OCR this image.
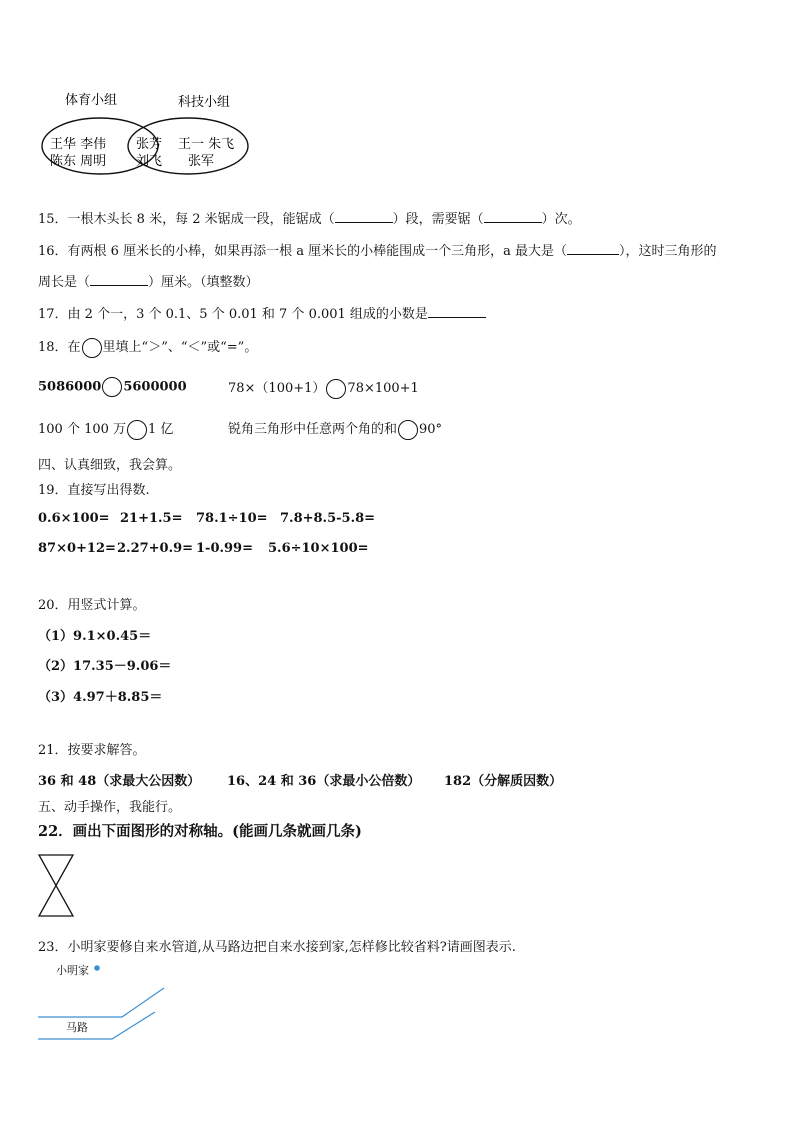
体育小组	科技小组
王华 李伟
陈东 周明
张芳
刘飞
王一 朱飞
张军
15．一根木头长 8 米，每 2 米锯成一段，能锯成（	）段，需要锯（	）次。
16．有两根 6 厘米长的小棒，如果再添一根 a 厘米长的小棒能围成一个三角形，a 最大是（	），这时三角形的
周长是（	）厘米。（填整数）
17．由 2 个一，3 个 0.1、5 个 0.01 和 7 个 0.001 组成的小数是
18．在 里填上“＞”、“＜”或“=”。
5086000 5600000	78×（100+1） 78×100+1
100 个 100 万 1 亿	锐角三角形中任意两个角的和 90°
四、认真细致，我会算。
19．直接写出得数.
0.6×100= 21+1.5= 78.1÷10= 7.8+8.5-5.8=
87×0+12= 2.27+0.9= 1-0.99= 5.6÷10×100=
20．用竖式计算。
（1）9.1×0.45＝
（2）17.35－9.06＝
（3）4.97＋8.85＝
21．按要求解答。
36 和 48（求最大公因数） 16、24 和 36（求最小公倍数） 182（分解质因数）
五、动手操作，我能行。
22．画出下面图形的对称轴。(能画几条就画几条)
23．小明家要修自来水管道,从马路边把自来水接到家,怎样修比较省料?请画图表示.
小明家
马路
